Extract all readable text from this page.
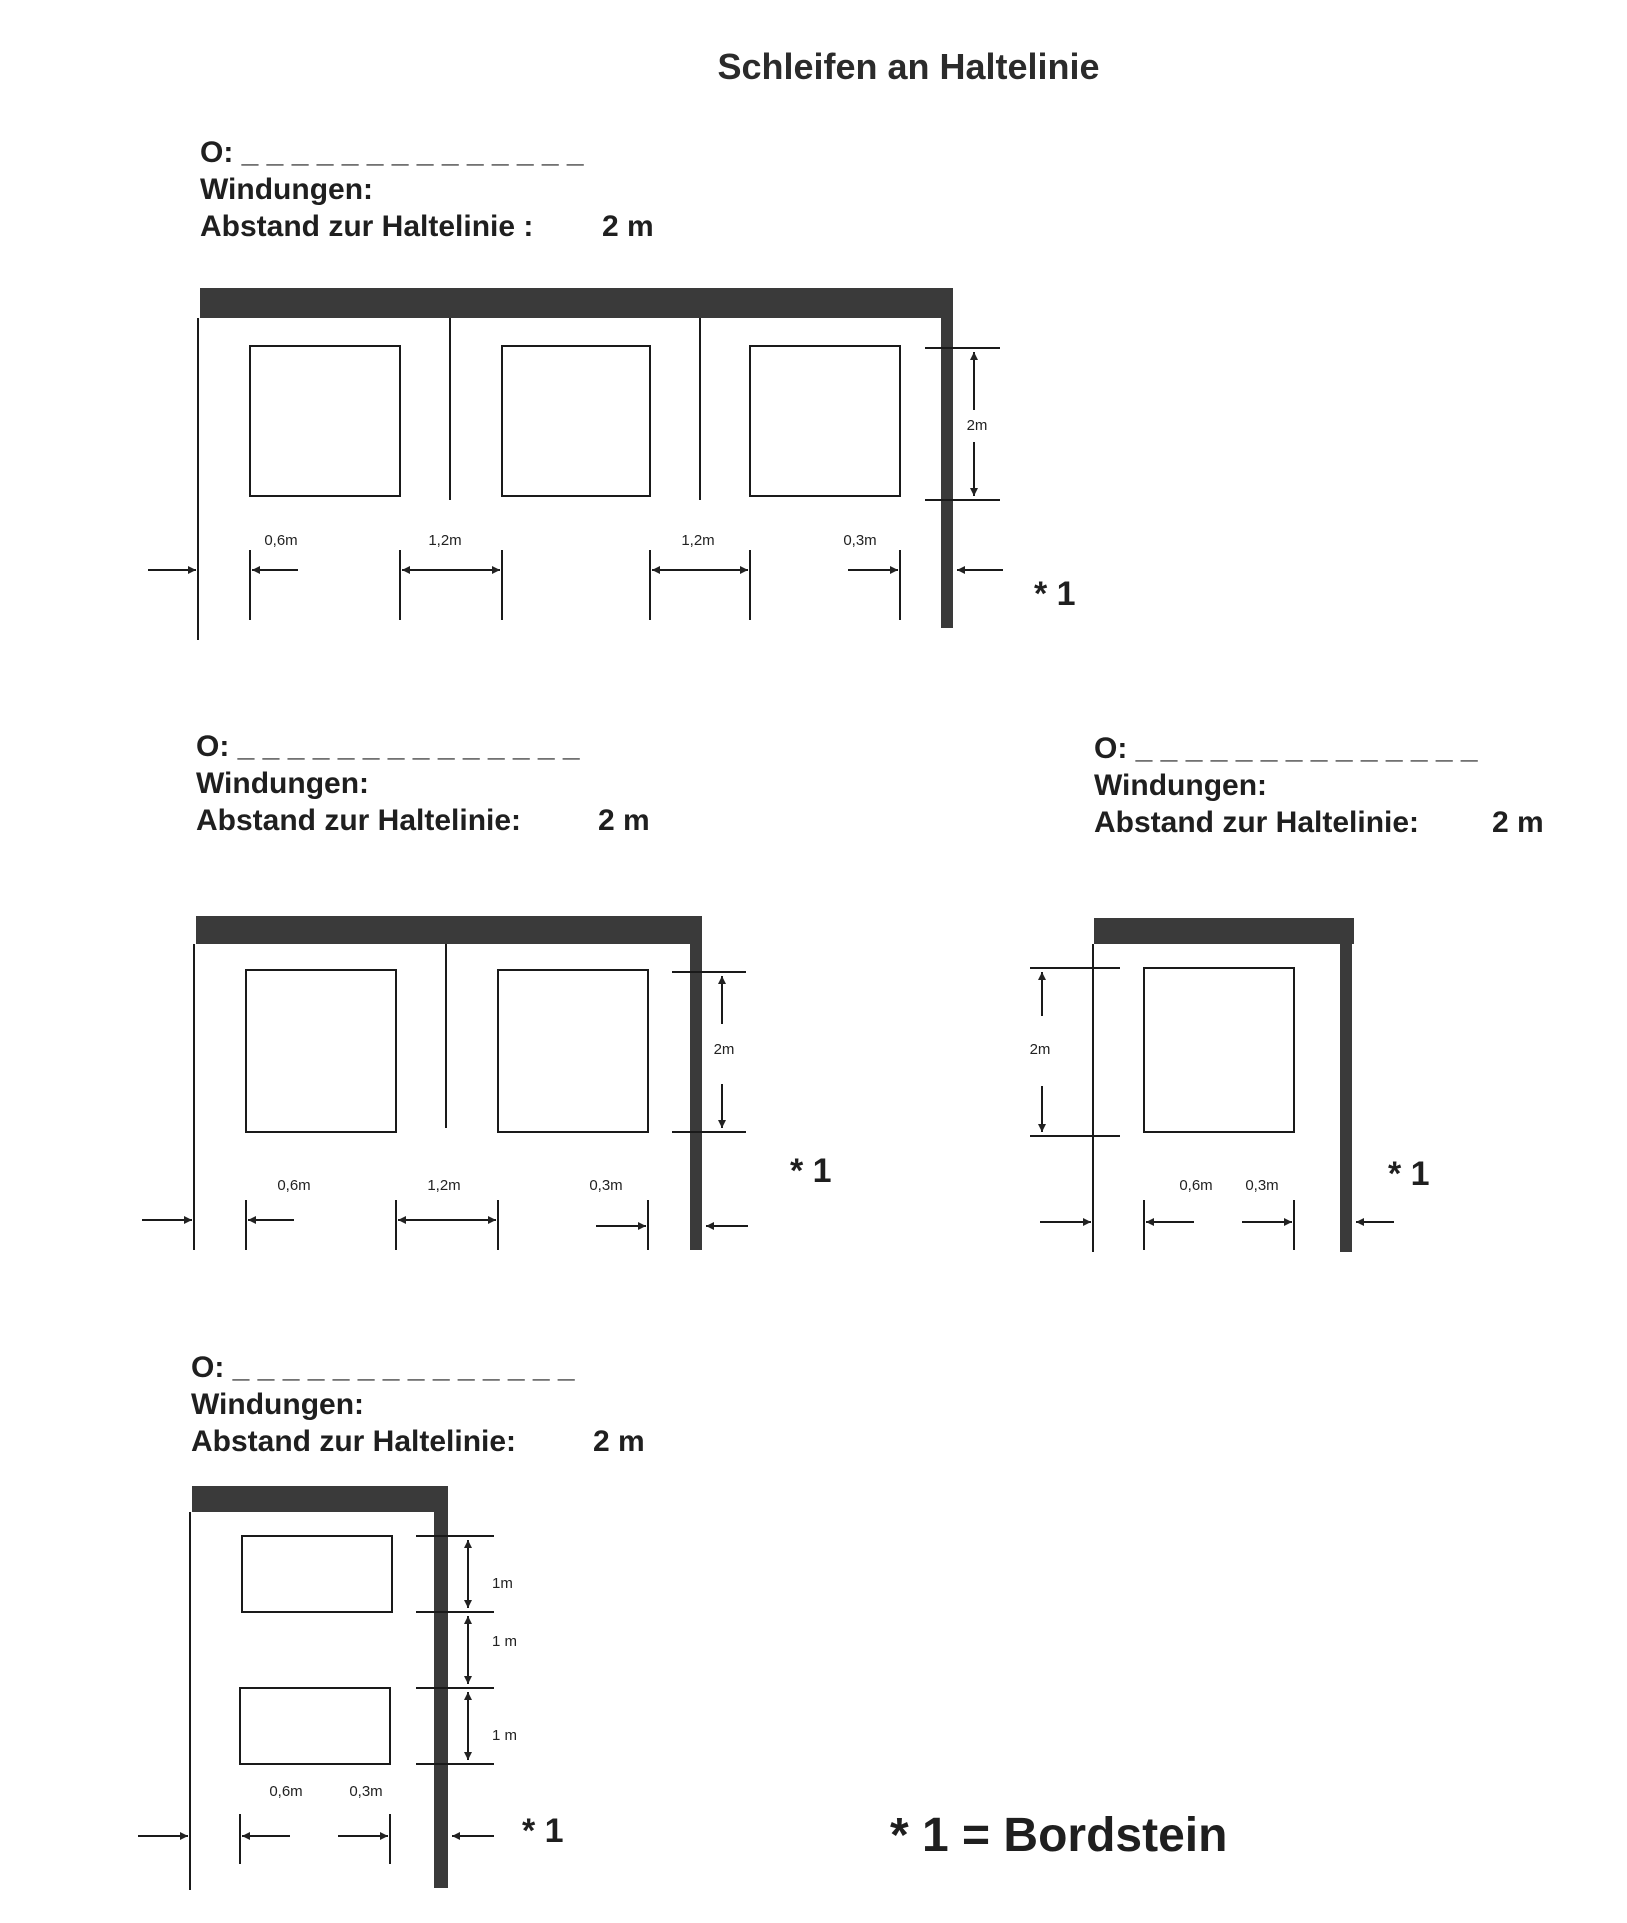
Schleifen an Haltelinie
O: _ _ _ _ _ _ _ _ _ _ _ _ _ _
Windungen:
Abstand zur Haltelinie : 2 m
O: _ _ _ _ _ _ _ _ _ _ _ _ _ _
Windungen:
Abstand zur Haltelinie:	2 m
O: _ _ _ _ _ _ _ _ _ _ _ _ _ _
Windungen:
Abstand zur Haltelinie: 2 m
O: _ _ _ _ _ _ _ _ _ _ _ _ _ _
Windungen:
Abstand zur Haltelinie:	2 m
* 1
* 1	* 1
* 1	* 1 = Bordstein
2m
0,6m	1,2m	1,2m	0,3m
2m
0,6m	1,2m	0,3m
2m
0,6m 0,3m
1m
1 m
1 m
0,6m	0,3m
